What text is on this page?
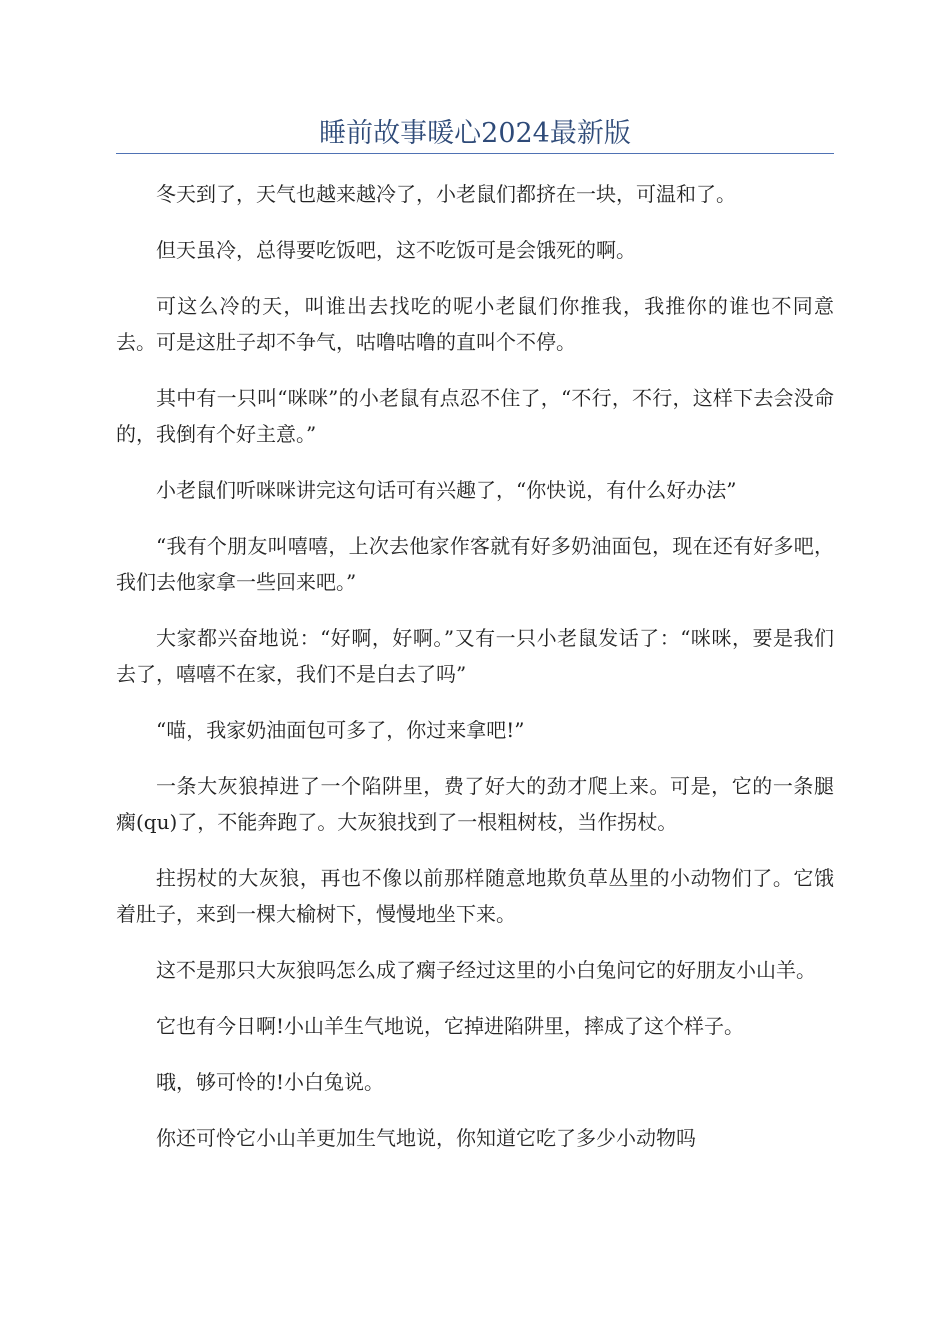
睡前故事暖心2024最新版

冬天到了，天气也越来越冷了，小老鼠们都挤在一块，可温和了。

但天虽冷，总得要吃饭吧，这不吃饭可是会饿死的啊。

可这么冷的天，叫谁出去找吃的呢小老鼠们你推我，我推你的谁也不同意去。可是这肚子却不争气，咕噜咕噜的直叫个不停。

其中有一只叫“咪咪”的小老鼠有点忍不住了，“不行，不行，这样下去会没命的，我倒有个好主意。”

小老鼠们听咪咪讲完这句话可有兴趣了，“你快说，有什么好办法”

“我有个朋友叫嘻嘻，上次去他家作客就有好多奶油面包，现在还有好多吧，我们去他家拿一些回来吧。”

大家都兴奋地说：“好啊，好啊。”又有一只小老鼠发话了：“咪咪，要是我们去了，嘻嘻不在家，我们不是白去了吗”

“喵，我家奶油面包可多了，你过来拿吧!”

一条大灰狼掉进了一个陷阱里，费了好大的劲才爬上来。可是，它的一条腿瘸(qu)了，不能奔跑了。大灰狼找到了一根粗树枝，当作拐杖。

拄拐杖的大灰狼，再也不像以前那样随意地欺负草丛里的小动物们了。它饿着肚子，来到一棵大榆树下，慢慢地坐下来。

这不是那只大灰狼吗怎么成了瘸子经过这里的小白兔问它的好朋友小山羊。

它也有今日啊!小山羊生气地说，它掉进陷阱里，摔成了这个样子。

哦，够可怜的!小白兔说。

你还可怜它小山羊更加生气地说，你知道它吃了多少小动物吗
